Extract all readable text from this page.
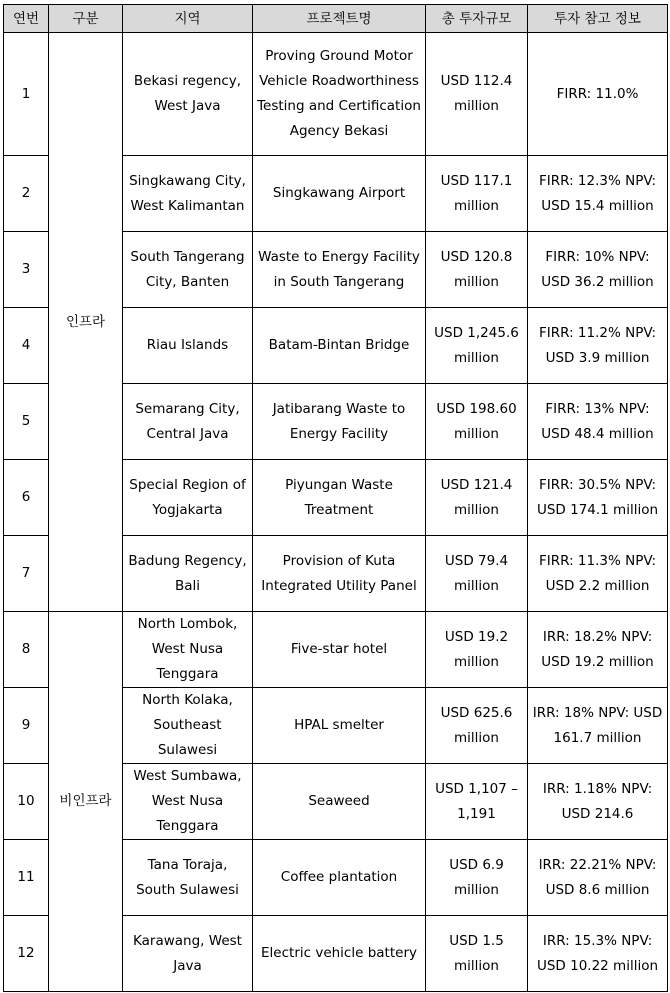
연번	구분	지역	프로젝트명	총 투자규모	투자 참고 정보
1	인프라	Bekasi regency, West Java	Proving Ground Motor Vehicle Roadworthiness Testing and Certification Agency Bekasi	USD 112.4 million	FIRR: 11.0%
2		Singkawang City, West Kalimantan	Singkawang Airport	USD 117.1 million	FIRR: 12.3% NPV: USD 15.4 million
3		South Tangerang City, Banten	Waste to Energy Facility in South Tangerang	USD 120.8 million	FIRR: 10% NPV: USD 36.2 million
4		Riau Islands	Batam-Bintan Bridge	USD 1,245.6 million	FIRR: 11.2% NPV: USD 3.9 million
5		Semarang City, Central Java	Jatibarang Waste to Energy Facility	USD 198.60 million	FIRR: 13% NPV: USD 48.4 million
6		Special Region of Yogjakarta	Piyungan Waste Treatment	USD 121.4 million	FIRR: 30.5% NPV: USD 174.1 million
7		Badung Regency, Bali	Provision of Kuta Integrated Utility Panel	USD 79.4 million	FIRR: 11.3% NPV: USD 2.2 million
8	비인프라	North Lombok, West Nusa Tenggara	Five-star hotel	USD 19.2 million	IRR: 18.2% NPV: USD 19.2 million
9		North Kolaka, Southeast Sulawesi	HPAL smelter	USD 625.6 million	IRR: 18% NPV: USD 161.7 million
10		West Sumbawa, West Nusa Tenggara	Seaweed	USD 1,107 – 1,191	IRR: 1.18% NPV: USD 214.6
11		Tana Toraja, South Sulawesi	Coffee plantation	USD 6.9 million	IRR: 22.21% NPV: USD 8.6 million
12		Karawang, West Java	Electric vehicle battery	USD 1.5 million	IRR: 15.3% NPV: USD 10.22 million
